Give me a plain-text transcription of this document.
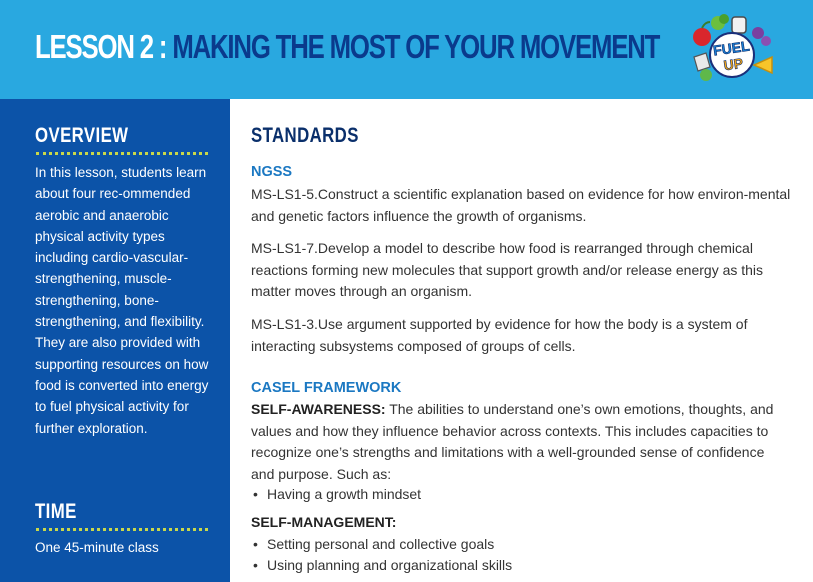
LESSON 2 : MAKING THE MOST OF YOUR MOVEMENT	FUEL
UP
OVERVIEW
In this lesson, students learn about four rec-ommended aerobic and anaerobic physical activity types including cardio-vascular-strengthening, muscle-strengthening, bone-strengthening, and flexibility. They are also provided with supporting resources on how food is converted into energy to fuel physical activity for further exploration.
TIME
One 45-minute class
STANDARDS
NGSS
MS-LS1-5.Construct a scientific explanation based on evidence for how environ-mental and genetic factors influence the growth of organisms.
MS-LS1-7.Develop a model to describe how food is rearranged through chemical reactions forming new molecules that support growth and/or release energy as this matter moves through an organism.
MS-LS1-3.Use argument supported by evidence for how the body is a system of interacting subsystems composed of groups of cells.
CASEL FRAMEWORK
SELF-AWARENESS: The abilities to understand one’s own emotions, thoughts, and values and how they influence behavior across contexts. This includes capacities to recognize one’s strengths and limitations with a well-grounded sense of confidence and purpose. Such as:
• Having a growth mindset
SELF-MANAGEMENT:
• Setting personal and collective goals
• Using planning and organizational skills
